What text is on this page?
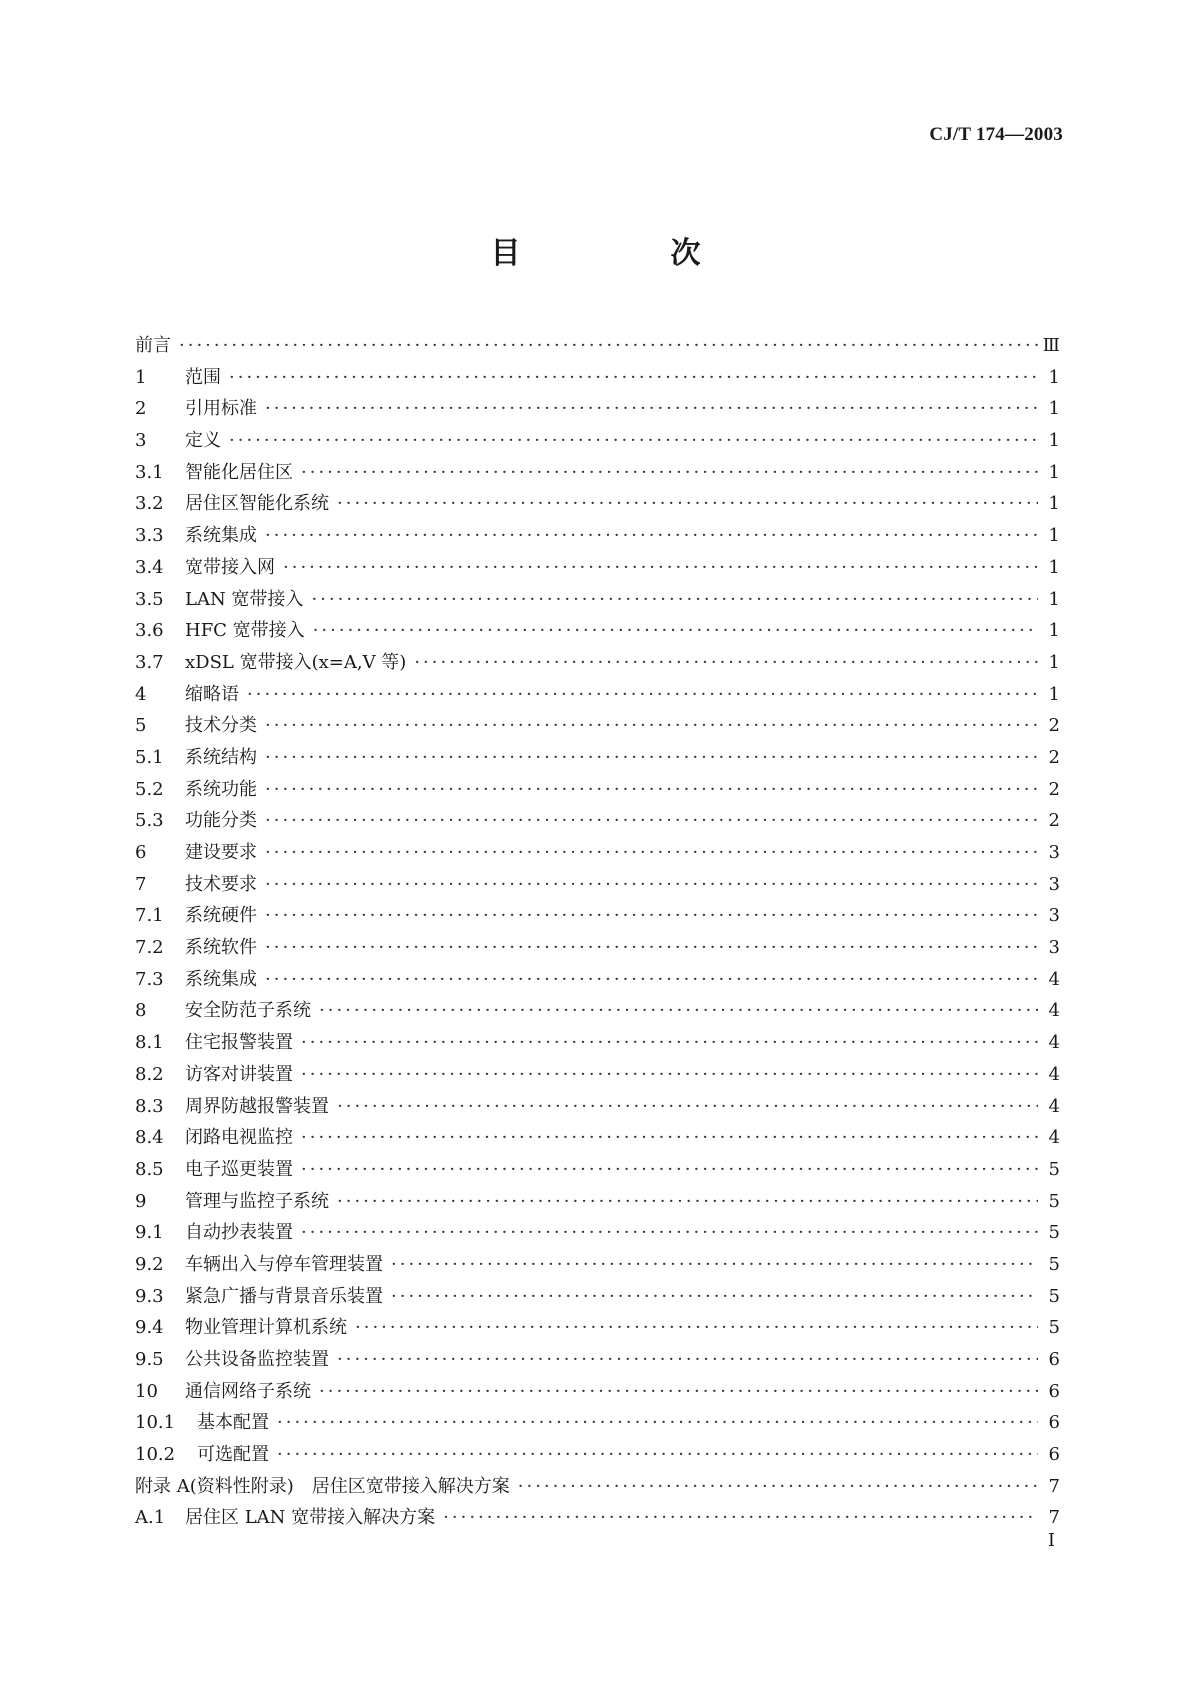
CJ/T 174—2003
目　次
前言 ·····	Ⅲ
1	范围 ·····	1
2	引用标准 ·····	1
3	定义 ·····	1
3.1	智能化居住区 ·····	1
3.2	居住区智能化系统 ·····	1
3.3	系统集成 ·····	1
3.4	宽带接入网 ·····	1
3.5	LAN 宽带接入 ·····	1
3.6	HFC 宽带接入 ·····	1
3.7	xDSL 宽带接入(x=A,V 等) ·····	1
4	缩略语 ·····	1
5	技术分类 ·····	2
5.1	系统结构 ·····	2
5.2	系统功能 ·····	2
5.3	功能分类 ·····	2
6	建设要求 ·····	3
7	技术要求 ·····	3
7.1	系统硬件 ·····	3
7.2	系统软件 ·····	3
7.3	系统集成 ·····	4
8	安全防范子系统 ·····	4
8.1	住宅报警装置 ·····	4
8.2	访客对讲装置 ·····	4
8.3	周界防越报警装置 ·····	4
8.4	闭路电视监控 ·····	4
8.5	电子巡更装置 ·····	5
9	管理与监控子系统 ·····	5
9.1	自动抄表装置 ·····	5
9.2	车辆出入与停车管理装置 ·····	5
9.3	紧急广播与背景音乐装置 ·····	5
9.4	物业管理计算机系统 ·····	5
9.5	公共设备监控装置 ·····	6
10	通信网络子系统 ·····	6
10.1	基本配置 ·····	6
10.2	可选配置 ·····	6
附录 A(资料性附录)　居住区宽带接入解决方案 ·····	7
A.1	居住区 LAN 宽带接入解决方案 ·····	7
I
